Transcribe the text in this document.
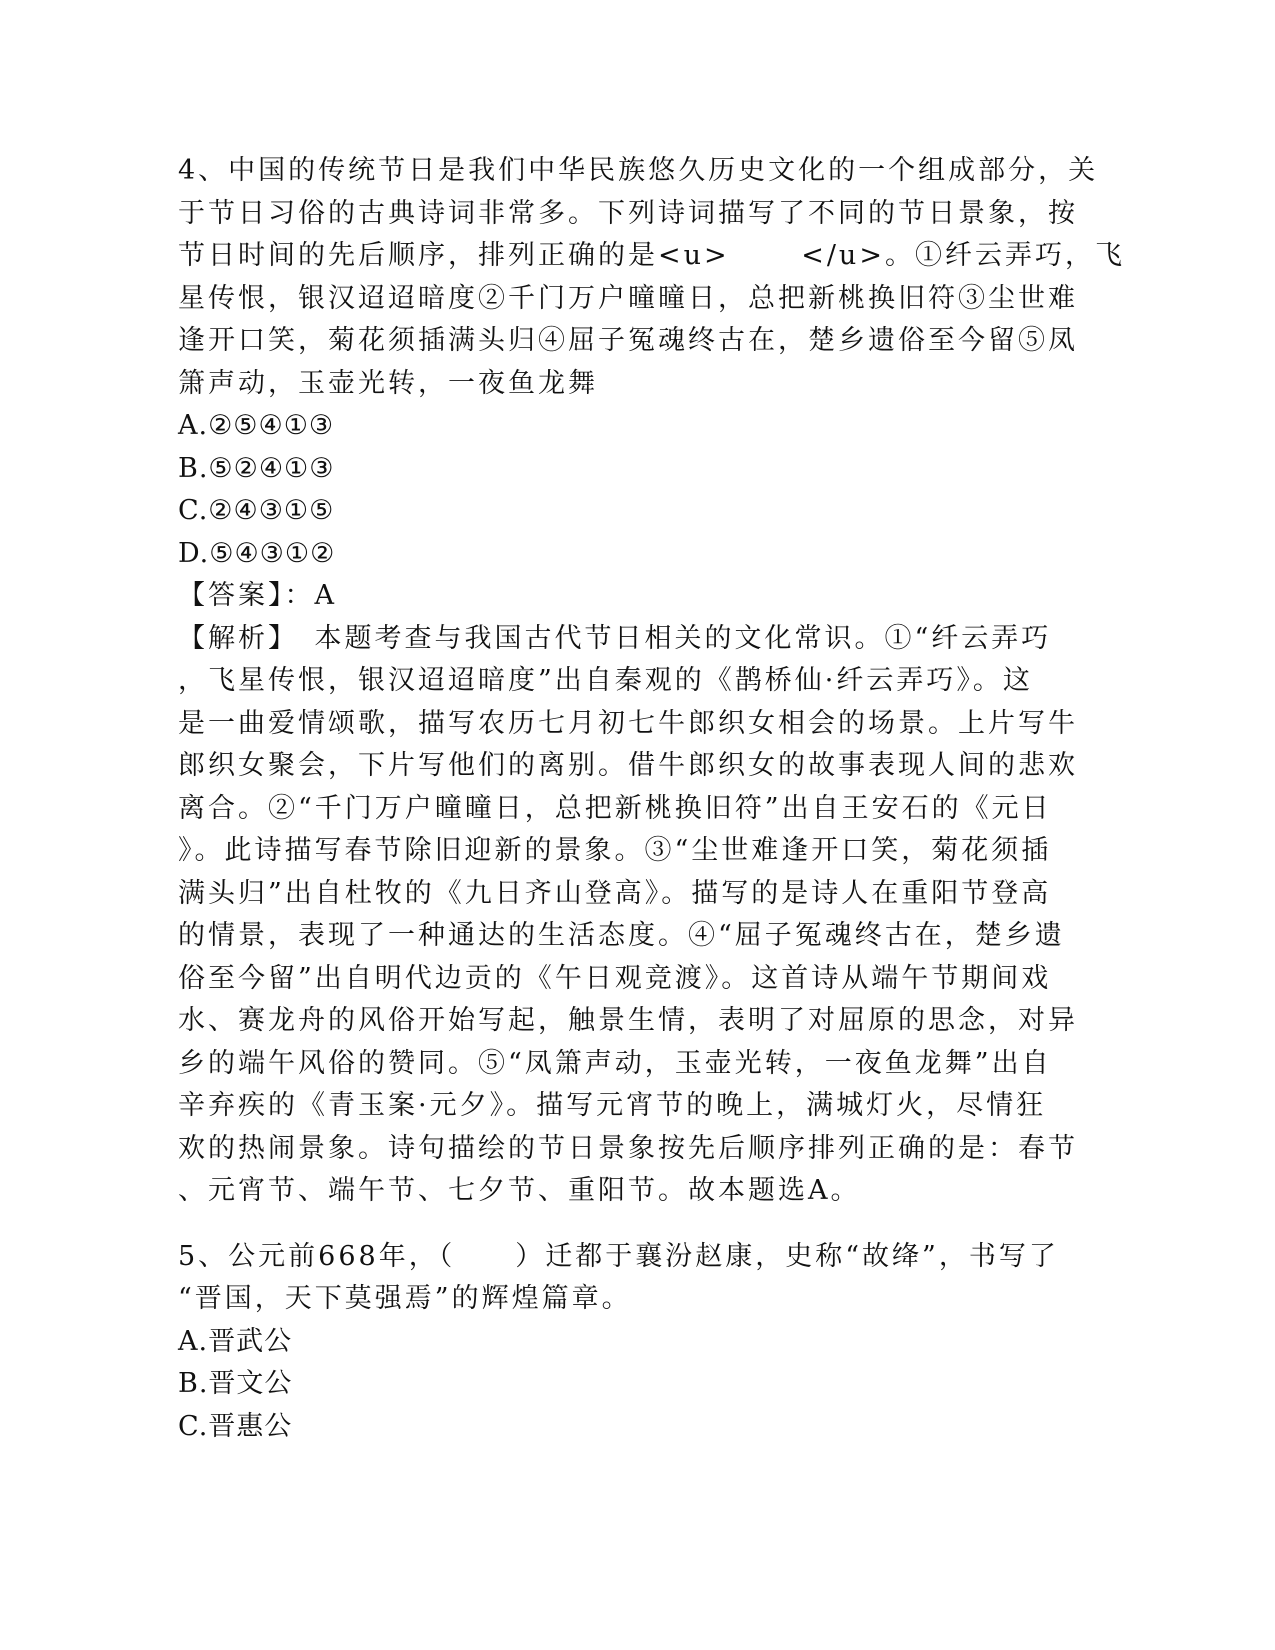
4、中国的传统节日是我们中华民族悠久历史文化的一个组成部分，关
于节日习俗的古典诗词非常多。下列诗词描写了不同的节日景象，按
节日时间的先后顺序，排列正确的是<u>　　 </u>。①纤云弄巧，飞
星传恨，银汉迢迢暗度②千门万户曈曈日，总把新桃换旧符③尘世难
逢开口笑，菊花须插满头归④屈子冤魂终古在，楚乡遗俗至今留⑤凤
箫声动，玉壶光转，一夜鱼龙舞
A.②⑤④①③
B.⑤②④①③
C.②④③①⑤
D.⑤④③①②
【答案】：A
【解析】　本题考查与我国古代节日相关的文化常识。①“纤云弄巧
，飞星传恨，银汉迢迢暗度”出自秦观的《鹊桥仙·纤云弄巧》。这
是一曲爱情颂歌，描写农历七月初七牛郎织女相会的场景。上片写牛
郎织女聚会，下片写他们的离别。借牛郎织女的故事表现人间的悲欢
离合。②“千门万户曈曈日，总把新桃换旧符”出自王安石的《元日
》。此诗描写春节除旧迎新的景象。③“尘世难逢开口笑，菊花须插
满头归”出自杜牧的《九日齐山登高》。描写的是诗人在重阳节登高
的情景，表现了一种通达的生活态度。④“屈子冤魂终古在，楚乡遗
俗至今留”出自明代边贡的《午日观竞渡》。这首诗从端午节期间戏
水、赛龙舟的风俗开始写起，触景生情，表明了对屈原的思念，对异
乡的端午风俗的赞同。⑤“凤箫声动，玉壶光转，一夜鱼龙舞”出自
辛弃疾的《青玉案·元夕》。描写元宵节的晚上，满城灯火，尽情狂
欢的热闹景象。诗句描绘的节日景象按先后顺序排列正确的是：春节
、元宵节、端午节、七夕节、重阳节。故本题选A。
5、公元前668年，（　　）迁都于襄汾赵康，史称“故绛”，书写了
“晋国，天下莫强焉”的辉煌篇章。
A.晋武公
B.晋文公
C.晋惠公
